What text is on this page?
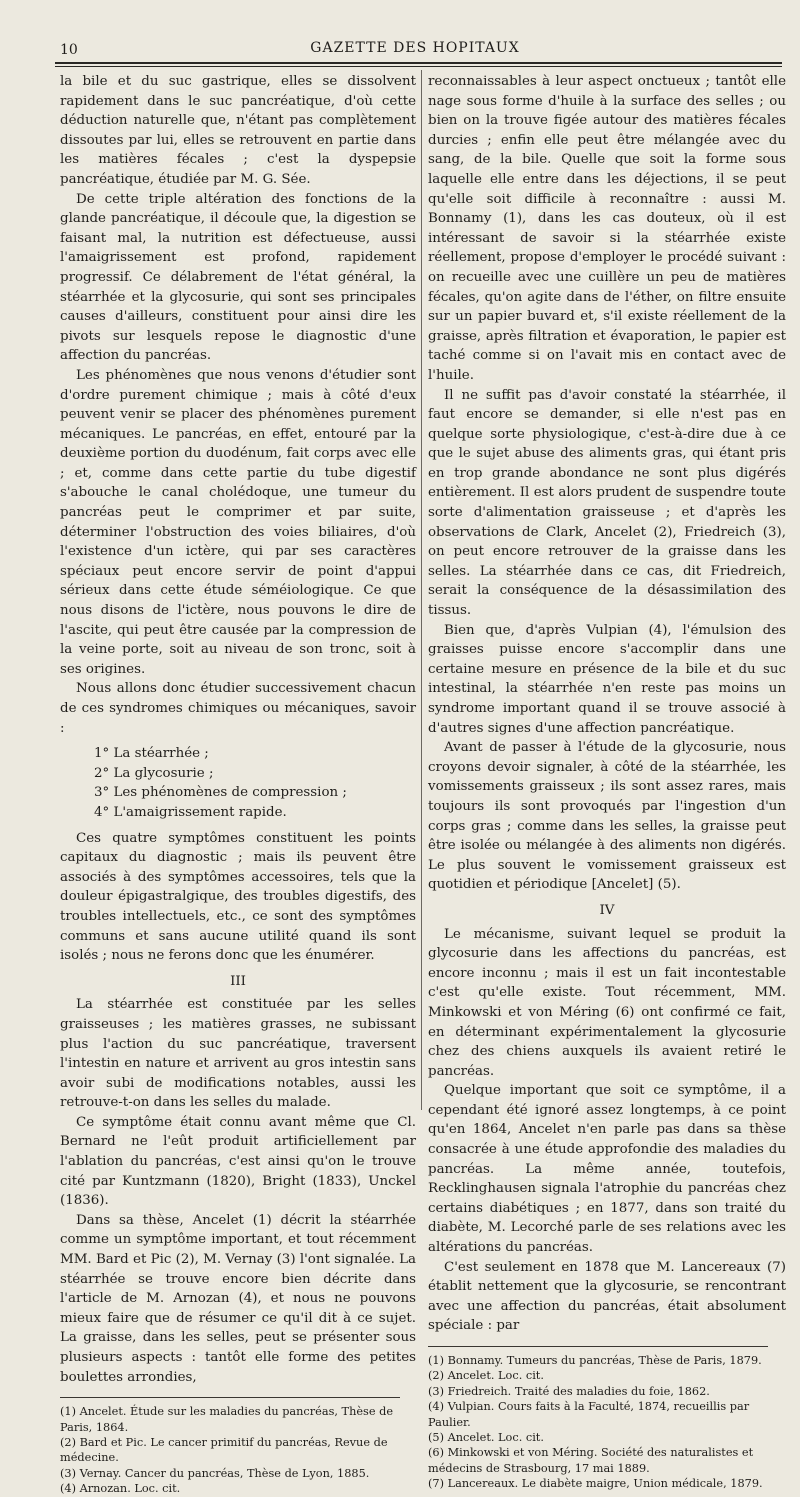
10	GAZETTE DES HOPITAUX

la bile et du suc gastrique, elles se dissolvent rapidement dans le suc pancréatique, d'où cette déduction naturelle que, n'étant pas complètement dissoutes par lui, elles se retrouvent en partie dans les matières fécales ; c'est la dyspepsie pancréatique, étudiée par M. G. Sée.

De cette triple altération des fonctions de la glande pancréatique, il découle que, la digestion se faisant mal, la nutrition est défectueuse, aussi l'amaigrissement est profond, rapidement progressif. Ce délabrement de l'état général, la stéarrhée et la glycosurie, qui sont ses principales causes d'ailleurs, constituent pour ainsi dire les pivots sur lesquels repose le diagnostic d'une affection du pancréas.

Les phénomènes que nous venons d'étudier sont d'ordre purement chimique ; mais à côté d'eux peuvent venir se placer des phénomènes purement mécaniques. Le pancréas, en effet, entouré par la deuxième portion du duodénum, fait corps avec elle ; et, comme dans cette partie du tube digestif s'abouche le canal cholédoque, une tumeur du pancréas peut le comprimer et par suite, déterminer l'obstruction des voies biliaires, d'où l'existence d'un ictère, qui par ses caractères spéciaux peut encore servir de point d'appui sérieux dans cette étude séméiologique. Ce que nous disons de l'ictère, nous pouvons le dire de l'ascite, qui peut être causée par la compression de la veine porte, soit au niveau de son tronc, soit à ses origines.

Nous allons donc étudier successivement chacun de ces syndromes chimiques ou mécaniques, savoir :

1° La stéarrhée ;
2° La glycosurie ;
3° Les phénomènes de compression ;
4° L'amaigrissement rapide.

Ces quatre symptômes constituent les points capitaux du diagnostic ; mais ils peuvent être associés à des symptômes accessoires, tels que la douleur épigastralgique, des troubles digestifs, des troubles intellectuels, etc., ce sont des symptômes communs et sans aucune utilité quand ils sont isolés ; nous ne ferons donc que les énumérer.

III

La stéarrhée est constituée par les selles graisseuses ; les matières grasses, ne subissant plus l'action du suc pancréatique, traversent l'intestin en nature et arrivent au gros intestin sans avoir subi de modifications notables, aussi les retrouve-t-on dans les selles du malade.

Ce symptôme était connu avant même que Cl. Bernard ne l'eût produit artificiellement par l'ablation du pancréas, c'est ainsi qu'on le trouve cité par Kuntzmann (1820), Bright (1833), Unckel (1836).

Dans sa thèse, Ancelet (1) décrit la stéarrhée comme un symptôme important, et tout récemment MM. Bard et Pic (2), M. Vernay (3) l'ont signalée. La stéarrhée se trouve encore bien décrite dans l'article de M. Arnozan (4), et nous ne pouvons mieux faire que de résumer ce qu'il dit à ce sujet. La graisse, dans les selles, peut se présenter sous plusieurs aspects : tantôt elle forme des petites boulettes arrondies,

(1) Ancelet. Étude sur les maladies du pancréas, Thèse de Paris, 1864.
(2) Bard et Pic. Le cancer primitif du pancréas, Revue de médecine.
(3) Vernay. Cancer du pancréas, Thèse de Lyon, 1885.
(4) Arnozan. Loc. cit.

reconnaissables à leur aspect onctueux ; tantôt elle nage sous forme d'huile à la surface des selles ; ou bien on la trouve figée autour des matières fécales durcies ; enfin elle peut être mélangée avec du sang, de la bile. Quelle que soit la forme sous laquelle elle entre dans les déjections, il se peut qu'elle soit difficile à reconnaître : aussi M. Bonnamy (1), dans les cas douteux, où il est intéressant de savoir si la stéarrhée existe réellement, propose d'employer le procédé suivant : on recueille avec une cuillère un peu de matières fécales, qu'on agite dans de l'éther, on filtre ensuite sur un papier buvard et, s'il existe réellement de la graisse, après filtration et évaporation, le papier est taché comme si on l'avait mis en contact avec de l'huile.

Il ne suffit pas d'avoir constaté la stéarrhée, il faut encore se demander, si elle n'est pas en quelque sorte physiologique, c'est-à-dire due à ce que le sujet abuse des aliments gras, qui étant pris en trop grande abondance ne sont plus digérés entièrement. Il est alors prudent de suspendre toute sorte d'alimentation graisseuse ; et d'après les observations de Clark, Ancelet (2), Friedreich (3), on peut encore retrouver de la graisse dans les selles. La stéarrhée dans ce cas, dit Friedreich, serait la conséquence de la désassimilation des tissus.

Bien que, d'après Vulpian (4), l'émulsion des graisses puisse encore s'accomplir dans une certaine mesure en présence de la bile et du suc intestinal, la stéarrhée n'en reste pas moins un syndrome important quand il se trouve associé à d'autres signes d'une affection pancréatique.

Avant de passer à l'étude de la glycosurie, nous croyons devoir signaler, à côté de la stéarrhée, les vomissements graisseux ; ils sont assez rares, mais toujours ils sont provoqués par l'ingestion d'un corps gras ; comme dans les selles, la graisse peut être isolée ou mélangée à des aliments non digérés. Le plus souvent le vomissement graisseux est quotidien et périodique [Ancelet] (5).

IV

Le mécanisme, suivant lequel se produit la glycosurie dans les affections du pancréas, est encore inconnu ; mais il est un fait incontestable c'est qu'elle existe. Tout récemment, MM. Minkowski et von Méring (6) ont confirmé ce fait, en déterminant expérimentalement la glycosurie chez des chiens auxquels ils avaient retiré le pancréas.

Quelque important que soit ce symptôme, il a cependant été ignoré assez longtemps, à ce point qu'en 1864, Ancelet n'en parle pas dans sa thèse consacrée à une étude approfondie des maladies du pancréas. La même année, toutefois, Recklinghausen signala l'atrophie du pancréas chez certains diabétiques ; en 1877, dans son traité du diabète, M. Lecorché parle de ses relations avec les altérations du pancréas.

C'est seulement en 1878 que M. Lancereaux (7) établit nettement que la glycosurie, se rencontrant avec une affection du pancréas, était absolument spéciale : par

(1) Bonnamy. Tumeurs du pancréas, Thèse de Paris, 1879.
(2) Ancelet. Loc. cit.
(3) Friedreich. Traité des maladies du foie, 1862.
(4) Vulpian. Cours faits à la Faculté, 1874, recueillis par Paulier.
(5) Ancelet. Loc. cit.
(6) Minkowski et von Méring. Société des naturalistes et médecins de Strasbourg, 17 mai 1889.
(7) Lancereaux. Le diabète maigre, Union médicale, 1879.
